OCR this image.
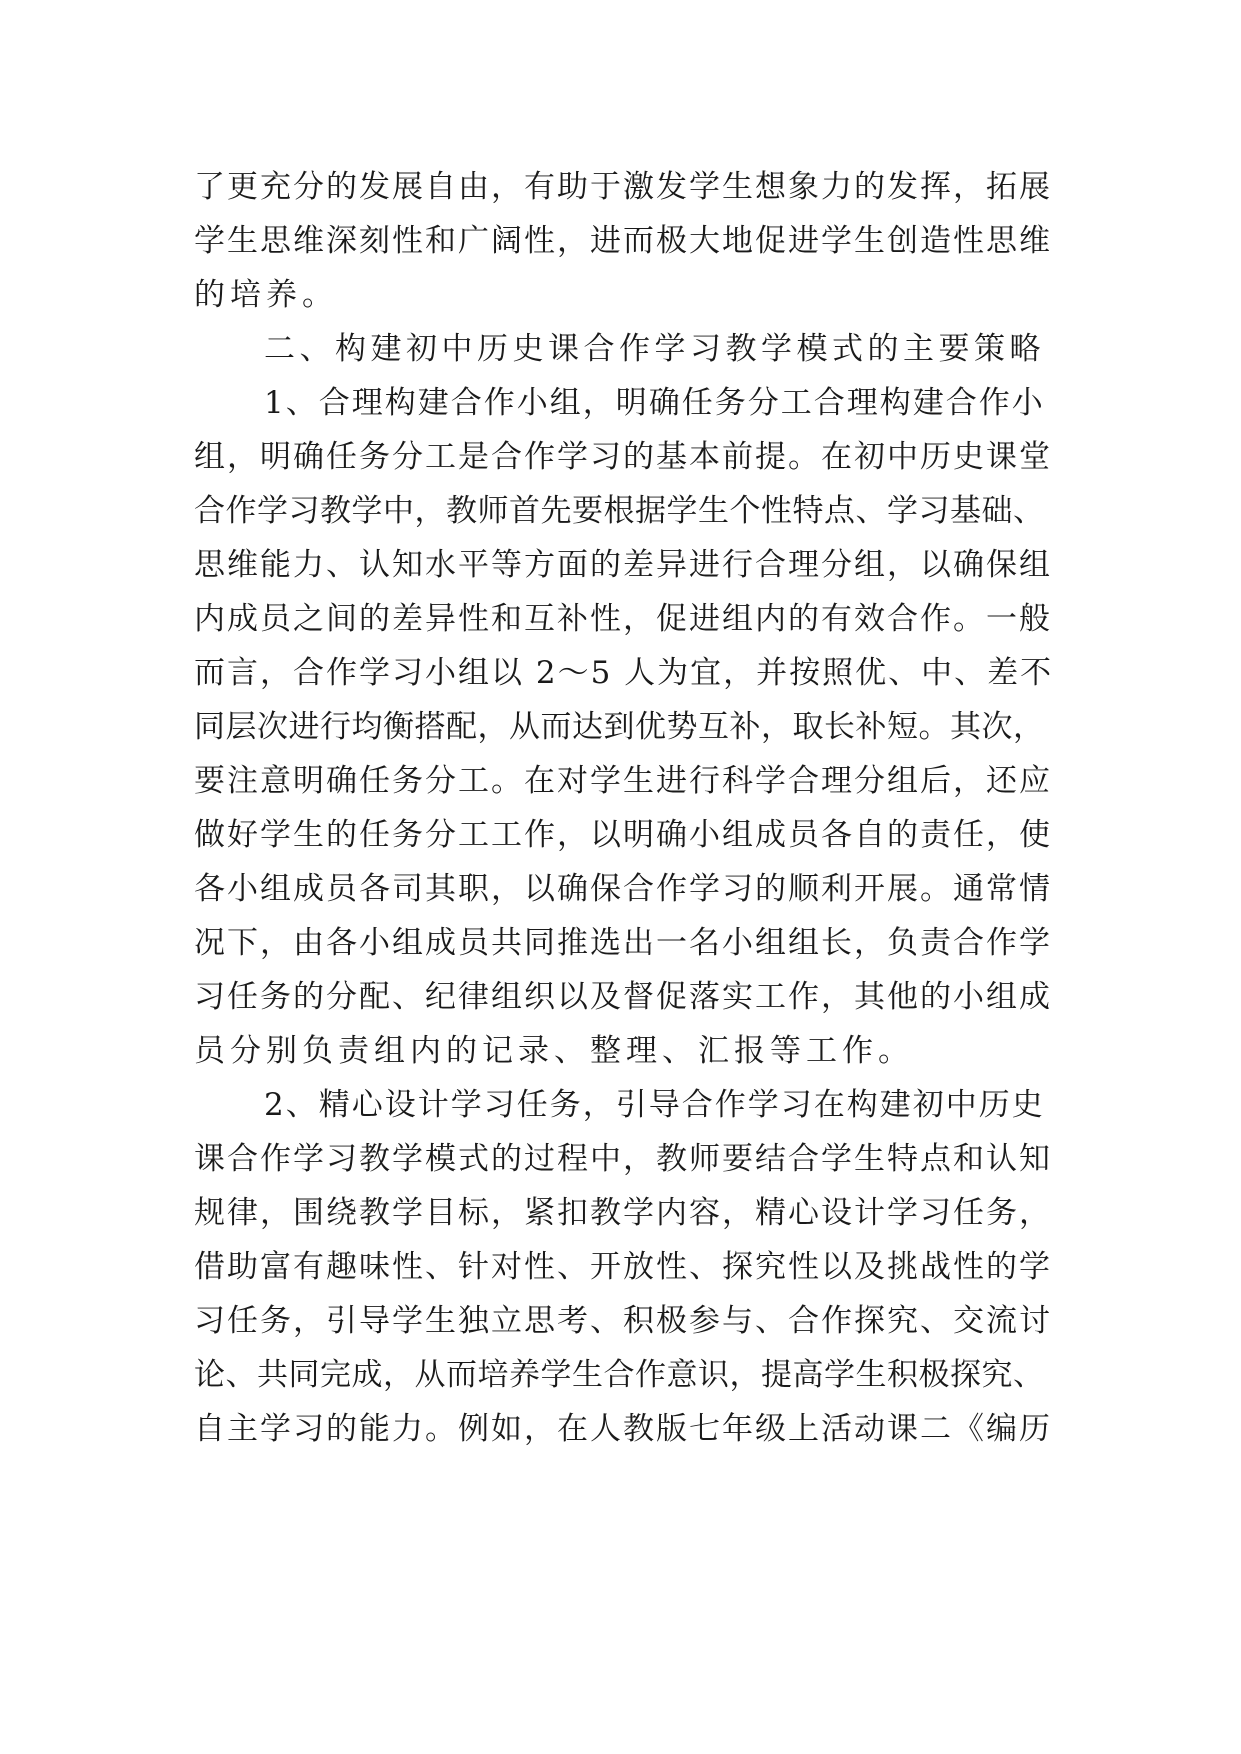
了更充分的发展自由，有助于激发学生想象力的发挥，拓展
学生思维深刻性和广阔性，进而极大地促进学生创造性思维
的培养。
二、构建初中历史课合作学习教学模式的主要策略
1、合理构建合作小组，明确任务分工合理构建合作小
组，明确任务分工是合作学习的基本前提。在初中历史课堂
合作学习教学中，教师首先要根据学生个性特点、学习基础、
思维能力、认知水平等方面的差异进行合理分组，以确保组
内成员之间的差异性和互补性，促进组内的有效合作。一般
而言，合作学习小组以 2～5 人为宜，并按照优、中、差不
同层次进行均衡搭配，从而达到优势互补，取长补短。其次，
要注意明确任务分工。在对学生进行科学合理分组后，还应
做好学生的任务分工工作，以明确小组成员各自的责任，使
各小组成员各司其职，以确保合作学习的顺利开展。通常情
况下，由各小组成员共同推选出一名小组组长，负责合作学
习任务的分配、纪律组织以及督促落实工作，其他的小组成
员分别负责组内的记录、整理、汇报等工作。
2、精心设计学习任务，引导合作学习在构建初中历史
课合作学习教学模式的过程中，教师要结合学生特点和认知
规律，围绕教学目标，紧扣教学内容，精心设计学习任务，
借助富有趣味性、针对性、开放性、探究性以及挑战性的学
习任务，引导学生独立思考、积极参与、合作探究、交流讨
论、共同完成，从而培养学生合作意识，提高学生积极探究、
自主学习的能力。例如，在人教版七年级上活动课二《编历
